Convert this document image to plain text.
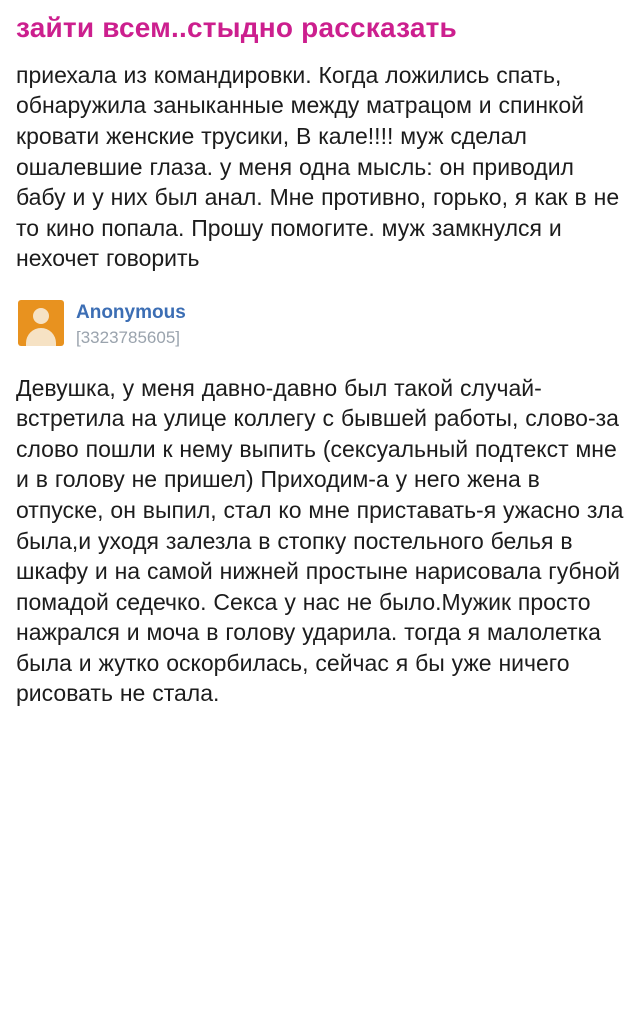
зайти всем..стыдно рассказать

приехала из командировки. Когда ложились спать, обнаружила заныканные между матрацом и спинкой кровати женские трусики, В кале!!!! муж сделал ошалевшие глаза. у меня одна мысль: он приводил бабу и у них был анал. Мне противно, горько, я как в не то кино попала. Прошу помогите. муж замкнулся и нехочет говорить

Anonymous
[3323785605]

Девушка, у меня давно-давно был такой случай-встретила на улице коллегу с бывшей работы, слово-за слово пошли к нему выпить (сексуальный подтекст мне и в голову не пришел) Приходим-а у него жена в отпуске, он выпил, стал ко мне приставать-я ужасно зла была,и уходя залезла в стопку постельного белья в шкафу и на самой нижней простыне нарисовала губной помадой седечко. Секса у нас не было.Мужик просто нажрался и моча в голову ударила. тогда я малолетка была и жутко оскорбилась, сейчас я бы уже ничего рисовать не стала.
